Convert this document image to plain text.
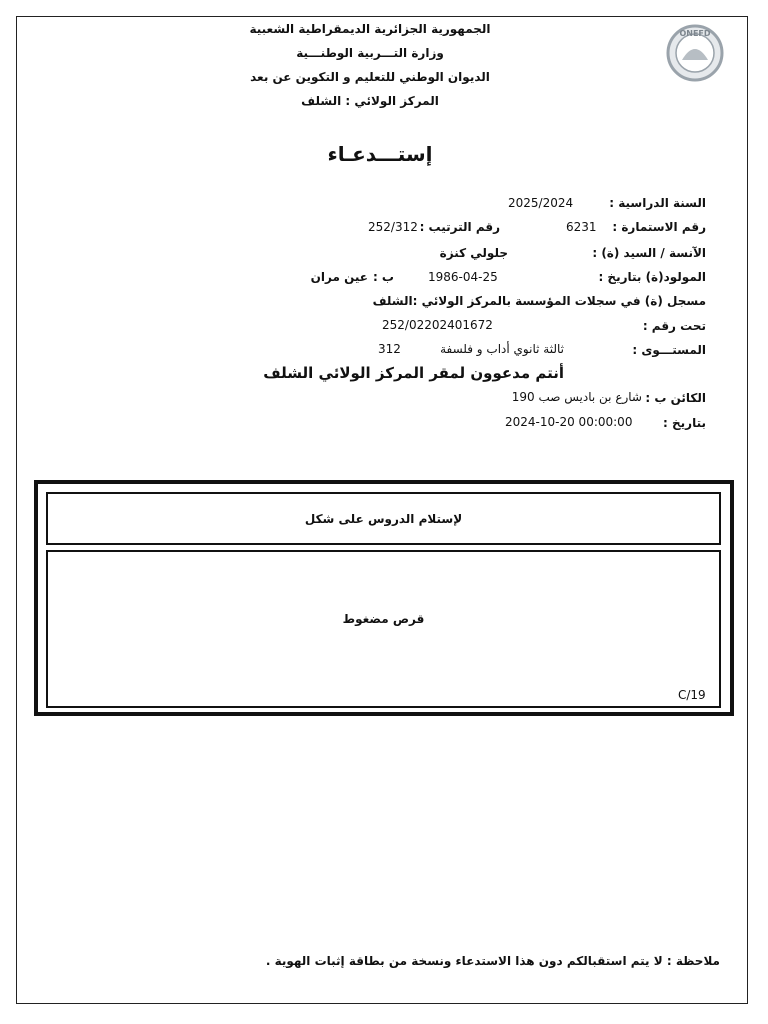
الجمهورية الجزائرية الديمقراطية الشعبية
وزارة التـــربية الوطنـــية
الديوان الوطني للتعليم و التكوين عن بعد
المركز الولائي : الشلف
ONEFD
إستـــدعـاء
السنة الدراسية :
2025/2024
رقم الاستمارة :
6231
رقم الترتيب :
252/312
الآنسة / السيد (ة) :
جلولي كنزة
المولود(ة) بتاريخ :
1986-04-25
ب :
عين مران
مسجل (ة) في سجلات المؤسسة بالمركز الولائي :الشلف
تحت رقم :
252/02202401672
المستـــوى :
ثالثة ثانوي أداب و فلسفة
312
أنتم مدعوون لمقر المركز الولائي الشلف
الكائن ب :
شارع بن باديس صب 190
بتاريخ :
2024-10-20 00:00:00
لإستلام الدروس على شكل
قرص مضغوط
C/19
ملاحظة : لا يتم استقبالكم دون هذا الاستدعاء ونسخة من بطاقة إثبات الهوية .
